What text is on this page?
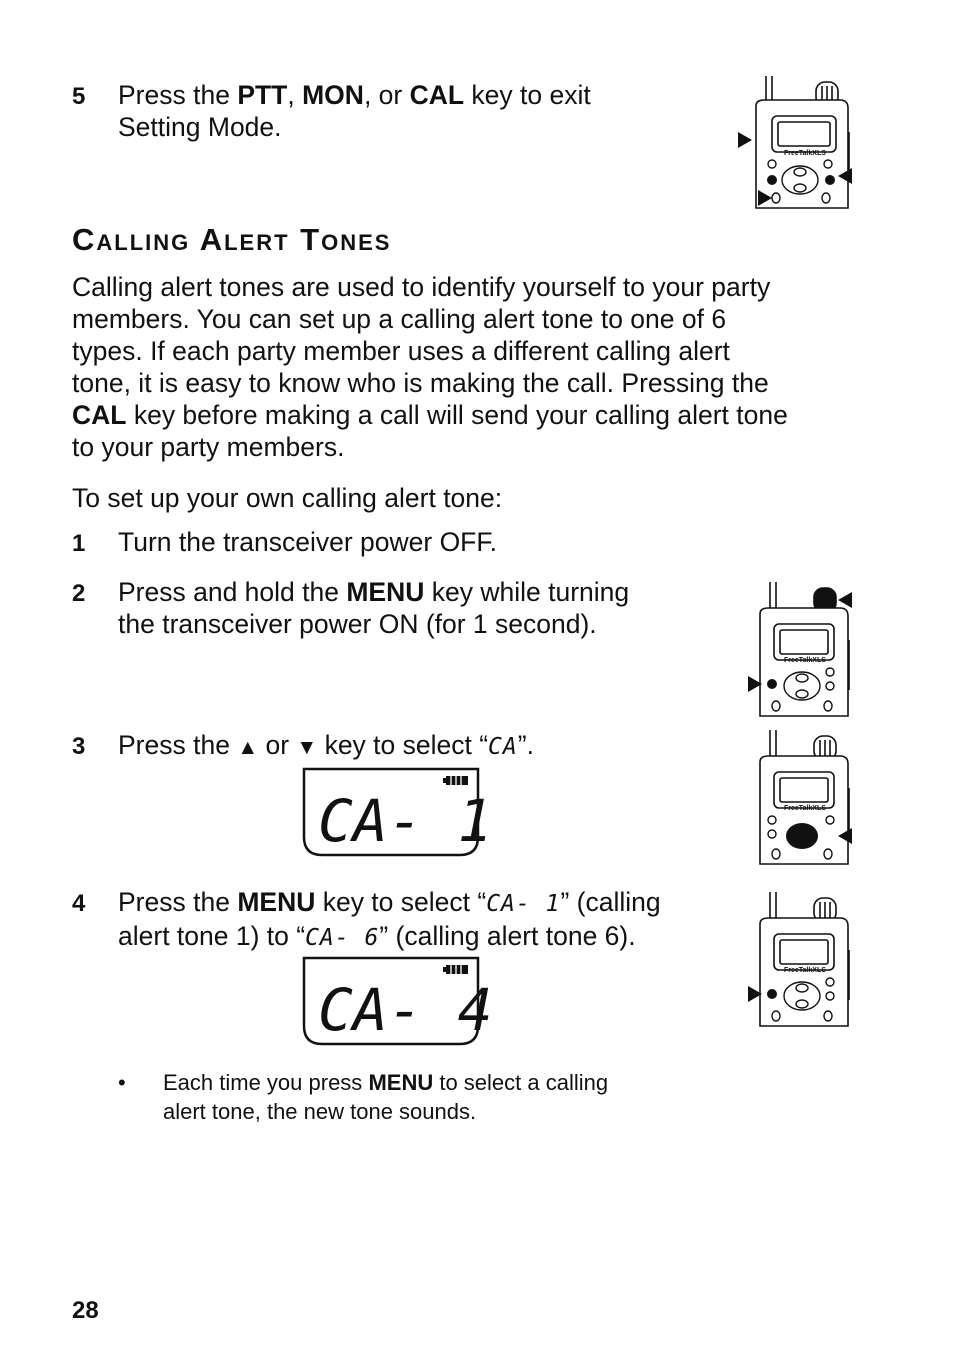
5 Press the PTT, MON, or CAL key to exit
Setting Mode.
Calling Alert Tones
Calling alert tones are used to identify yourself to your party
members. You can set up a calling alert tone to one of 6
types. If each party member uses a different calling alert
tone, it is easy to know who is making the call. Pressing the
CAL key before making a call will send your calling alert tone
to your party members.
To set up your own calling alert tone:
1 Turn the transceiver power OFF.
2 Press and hold the MENU key while turning
the transceiver power ON (for 1 second).
3 Press the ▲ or ▼ key to select “CA”.
CA- 1
4 Press the MENU key to select “CA- 1” (calling
alert tone 1) to “CA- 6” (calling alert tone 6).
CA- 4
• Each time you press MENU to select a calling
alert tone, the new tone sounds.
28
FreeTalkXLS
FreeTalkXLS
FreeTalkXLS
FreeTalkXLS
